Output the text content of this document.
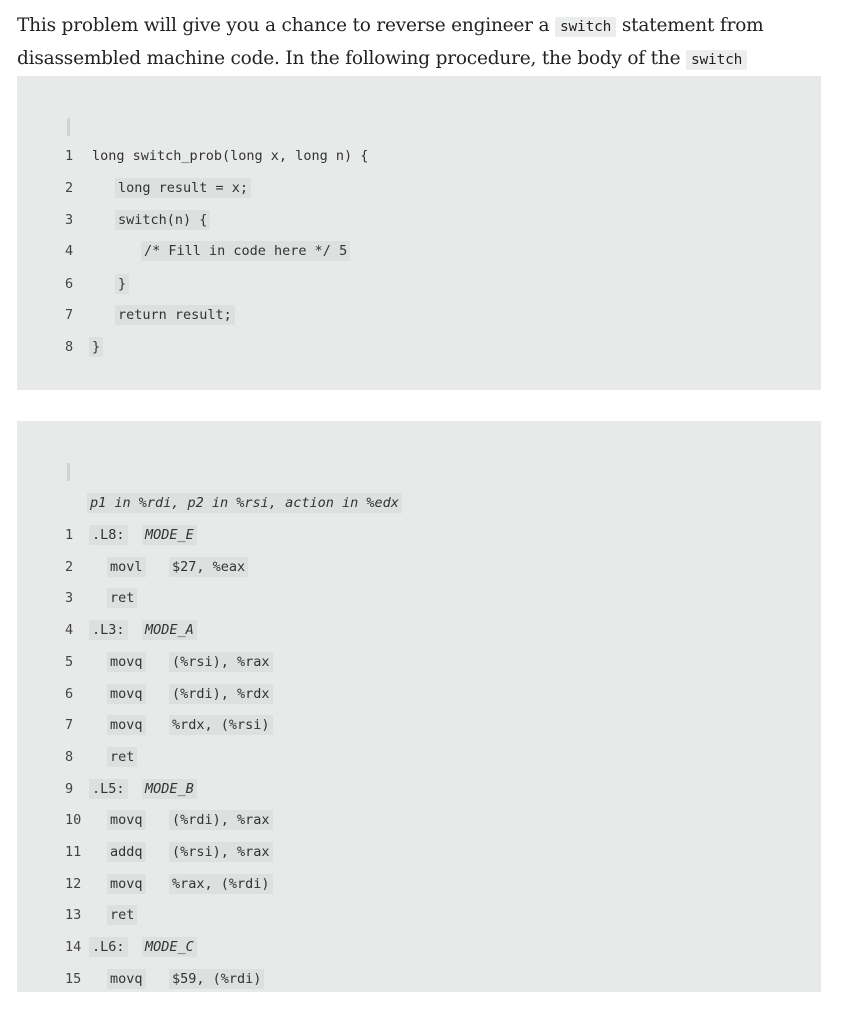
This problem will give you a chance to reverse engineer a switch statement from disassembled machine code. In the following procedure, the body of the switch

1

long switch_prob(long x, long n) {

2

	long result = x;

3

	switch(n) {

4

	/* Fill in code here */ 5

6

	}

7

	return result;

8

}

p1 in %rdi, p2 in %rsi, action in %edx

1 .L8: MODE_E
2	movl $27, %eax
3	ret
4 .L3: MODE_A
5	movq (%rsi), %rax
6	movq (%rdi), %rdx
7	movq %rdx, (%rsi)
8	ret
9 .L5: MODE_B
10 movq (%rdi), %rax
11 addq (%rsi), %rax
12 movq %rax, (%rdi)
13 ret
14 .L6: MODE_C
15 movq $59, (%rdi)
